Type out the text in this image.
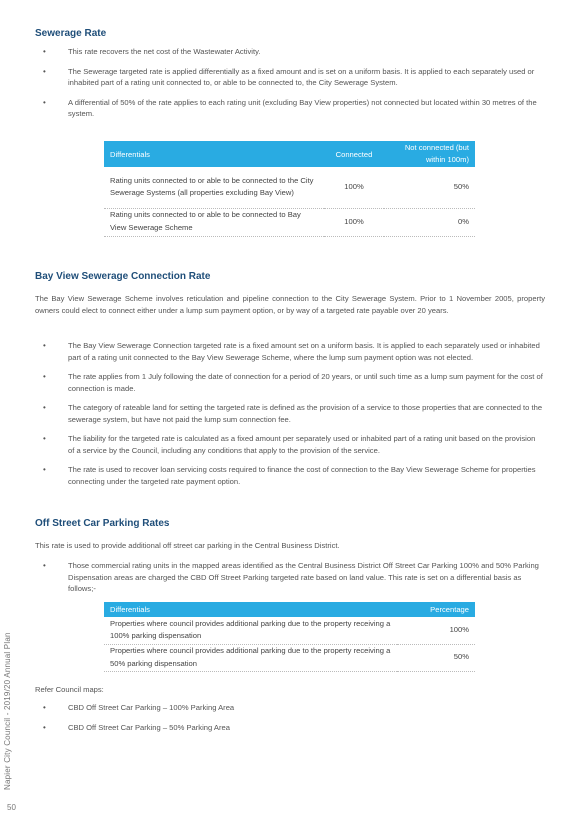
Sewerage Rate
•	This rate recovers the net cost of the Wastewater Activity.
•	The Sewerage targeted rate is applied differentially as a fixed amount and is set on a uniform basis. It is applied to each separately used or inhabited part of a rating unit connected to, or able to be connected to, the City Sewerage System.
•	A differential of 50% of the rate applies to each rating unit (excluding Bay View properties) not connected but located within 30 metres of the system.
Differentials	Connected	Not connected (but within 100m)
Rating units connected to or able to be connected to the City Sewerage Systems (all properties excluding Bay View)	100%	50%
Rating units connected to or able to be connected to Bay View Sewerage Scheme	100%	0%
Bay View Sewerage Connection Rate

The Bay View Sewerage Scheme involves reticulation and pipeline connection to the City Sewerage System. Prior to 1 November 2005, property owners could elect to connect either under a lump sum payment option, or by way of a targeted rate payable over 20 years.

•	The Bay View Sewerage Connection targeted rate is a fixed amount set on a uniform basis. It is applied to each separately used or inhabited part of a rating unit connected to the Bay View Sewerage Scheme, where the lump sum payment option was not elected.
•	The rate applies from 1 July following the date of connection for a period of 20 years, or until such time as a lump sum payment for the cost of connection is made.
•	The category of rateable land for setting the targeted rate is defined as the provision of a service to those properties that are connected to the sewerage system, but have not paid the lump sum connection fee.
•	The liability for the targeted rate is calculated as a fixed amount per separately used or inhabited part of a rating unit based on the provision of a service by the Council, including any conditions that apply to the provision of the service.
•	The rate is used to recover loan servicing costs required to finance the cost of connection to the Bay View Sewerage Scheme for properties connecting under the targeted rate payment option.
Off Street Car Parking Rates

This rate is used to provide additional off street car parking in the Central Business District.

•	Those commercial rating units in the mapped areas identified as the Central Business District Off Street Car Parking 100% and 50% Parking Dispensation areas are charged the CBD Off Street Parking targeted rate based on land value. This rate is set on a differential basis as follows;-
Differentials	Percentage
Properties where council provides additional parking due to the property receiving a 100% parking dispensation	100%
Properties where council provides additional parking due to the property receiving a 50% parking dispensation	50%

Refer Council maps:

•	CBD Off Street Car Parking – 100% Parking Area
•	CBD Off Street Car Parking – 50% Parking Area
Napier City Council - 2019/20 Annual Plan
50
